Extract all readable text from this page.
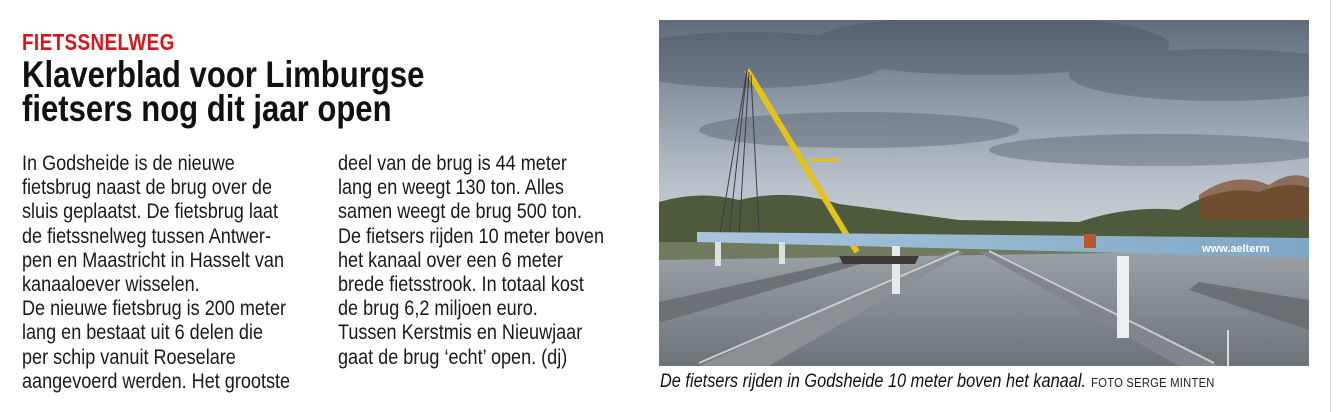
FIETSSNELWEG
Klaverblad voor Limburgse
fietsers nog dit jaar open
In Godsheide is de nieuwe
fietsbrug naast de brug over de
sluis geplaatst. De fietsbrug laat
de fietssnelweg tussen Antwer-
pen en Maastricht in Hasselt van
kanaaloever wisselen.
De nieuwe fietsbrug is 200 meter
lang en bestaat uit 6 delen die
per schip vanuit Roeselare
aangevoerd werden. Het grootste
deel van de brug is 44 meter
lang en weegt 130 ton. Alles
samen weegt de brug 500 ton.
De fietsers rijden 10 meter boven
het kanaal over een 6 meter
brede fietsstrook. In totaal kost
de brug 6,2 miljoen euro.
Tussen Kerstmis en Nieuwjaar
gaat de brug ‘echt’ open. (dj)
www.aelterm
De fietsers rijden in Godsheide 10 meter boven het kanaal. FOTO SERGE MINTEN
